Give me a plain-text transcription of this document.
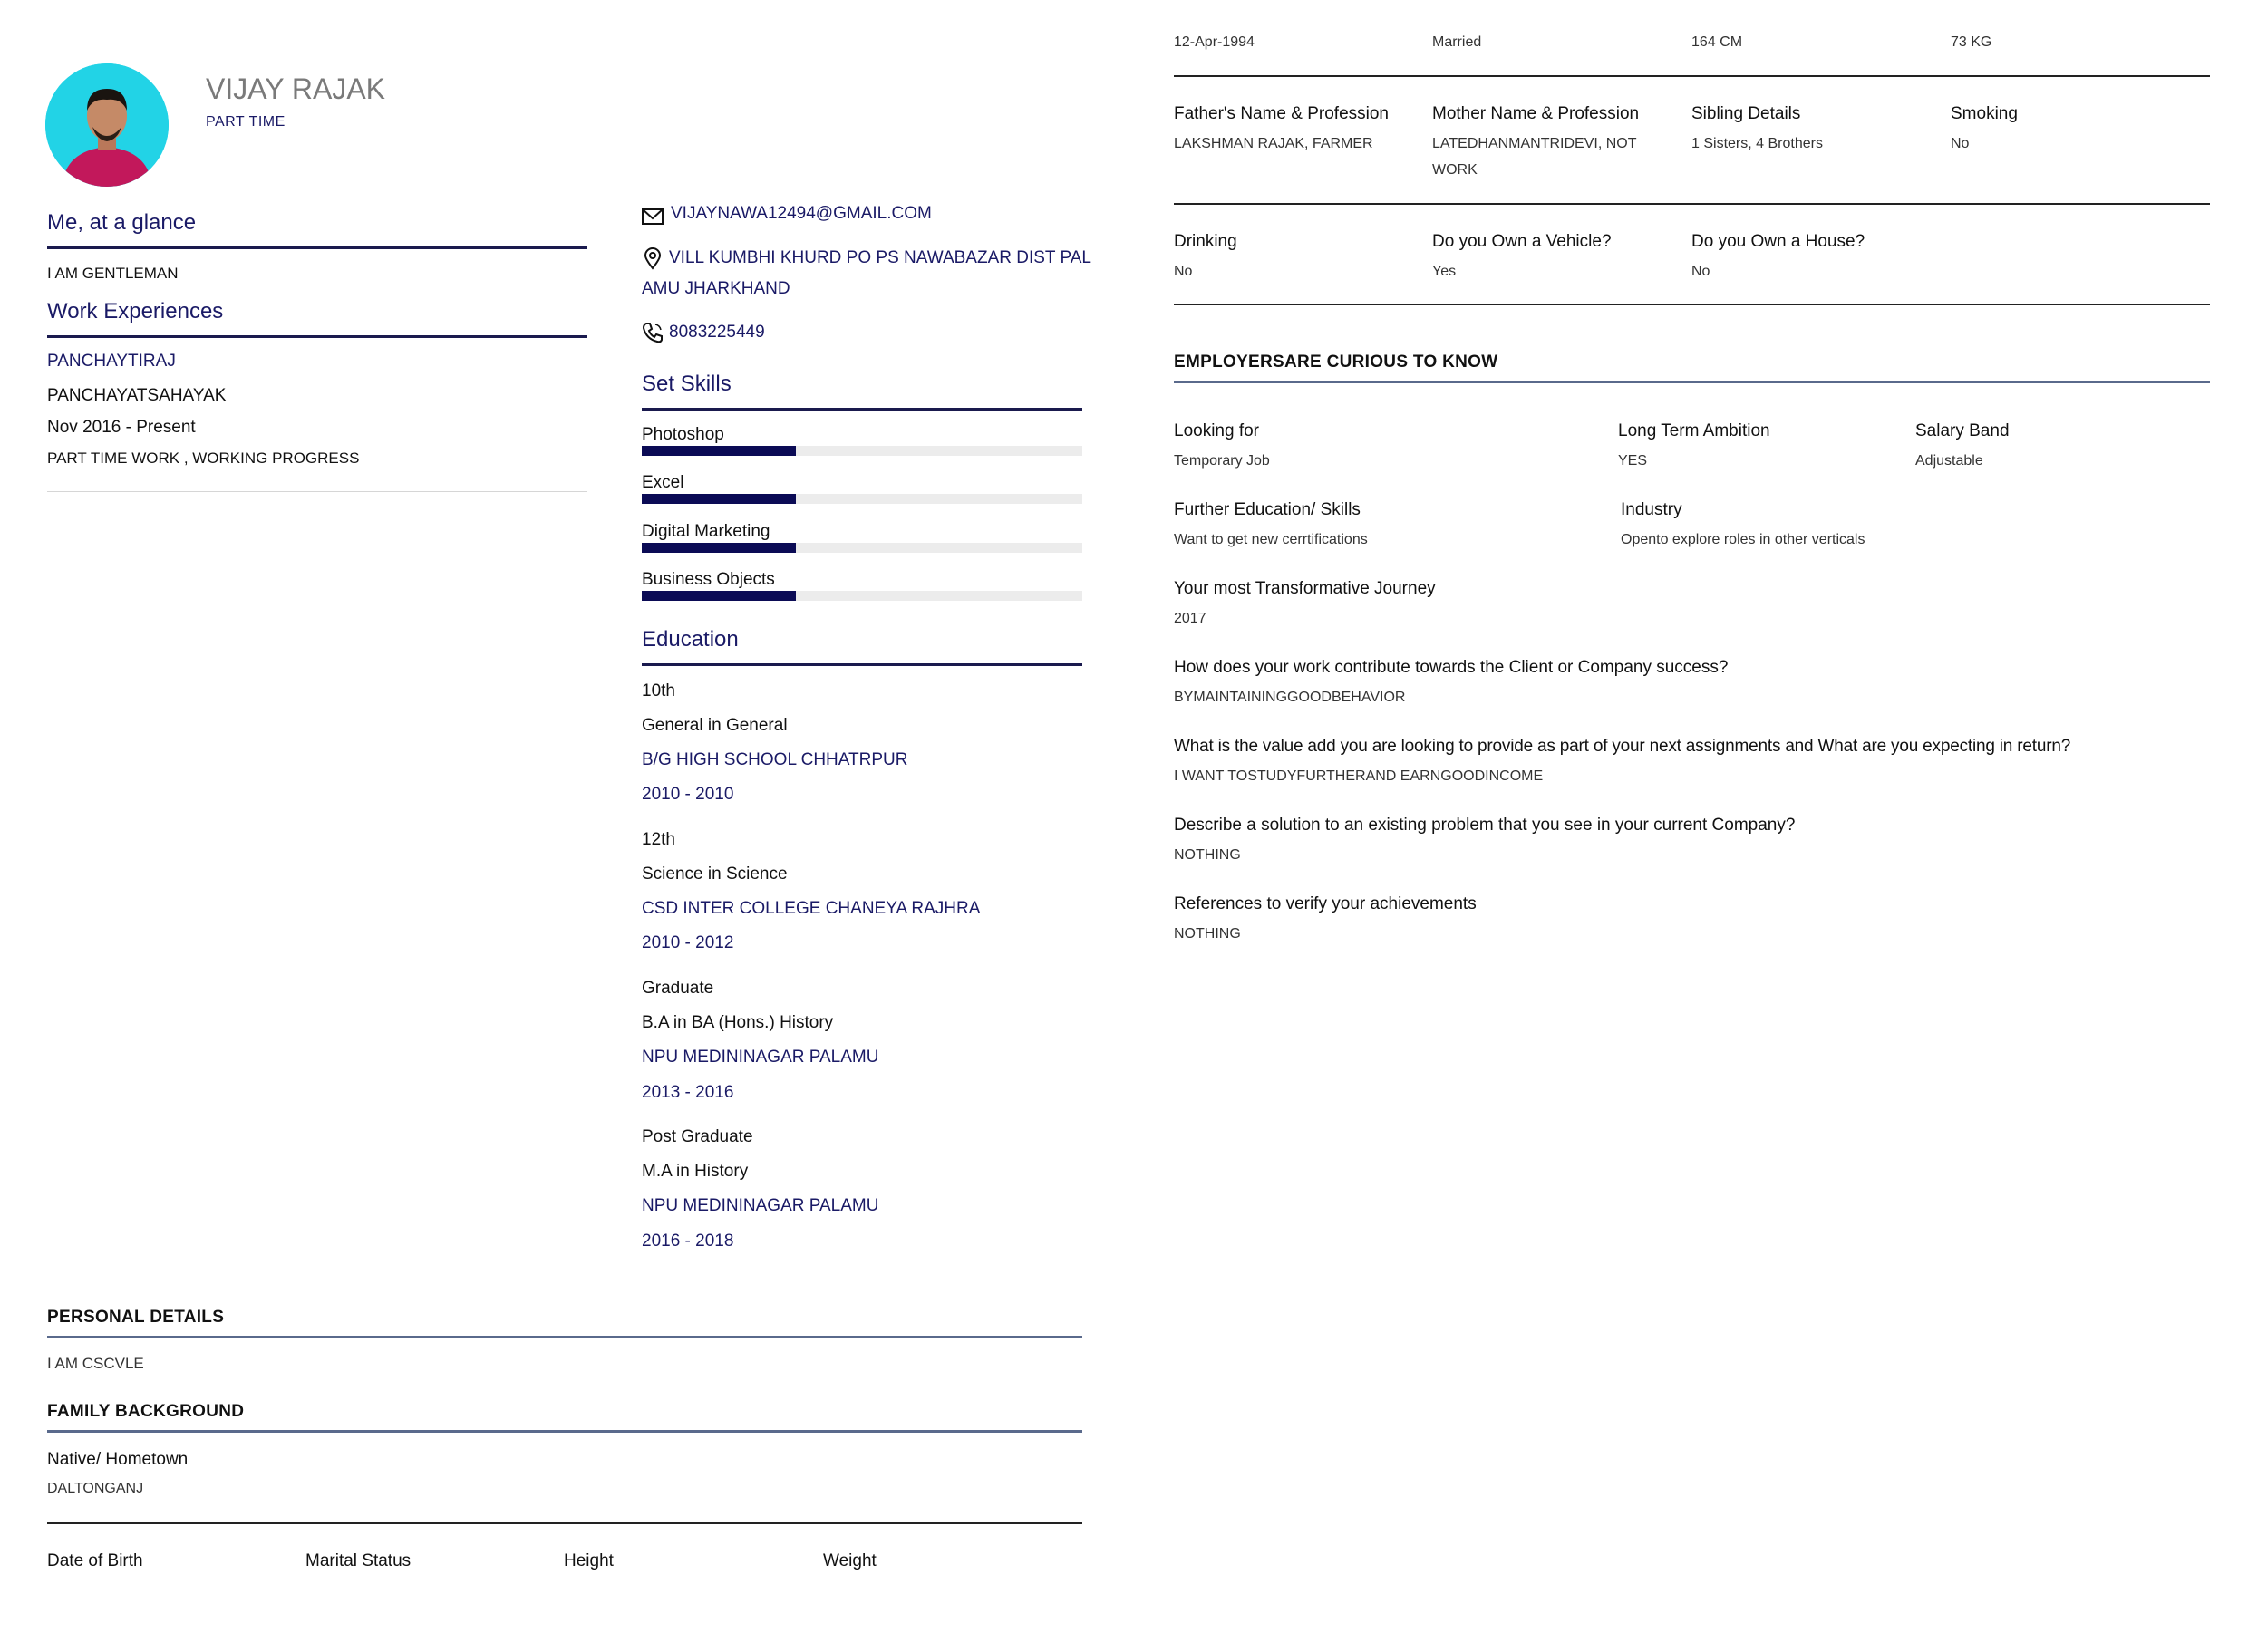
VIJAY RAJAK
PART TIME
Me, at a glance
I AM GENTLEMAN
Work Experiences
PANCHAYTIRAJ
PANCHAYATSAHAYAK
Nov 2016 - Present
PART TIME WORK , WORKING PROGRESS
VIJAYNAWA12494@GMAIL.COM
VILL KUMBHI KHURD PO PS NAWABAZAR DIST PAL
AMU JHARKHAND
8083225449
Set Skills
Photoshop
Excel
Digital Marketing
Business Objects
Education
10th
General in General
B/G HIGH SCHOOL CHHATRPUR
2010 - 2010
12th
Science in Science
CSD INTER COLLEGE CHANEYA RAJHRA
2010 - 2012
Graduate
B.A in BA (Hons.) History
NPU MEDININAGAR PALAMU
2013 - 2016
Post Graduate
M.A in History
NPU MEDININAGAR PALAMU
2016 - 2018
PERSONAL DETAILS
I AM CSCVLE
FAMILY BACKGROUND
Native/ Hometown
DALTONGANJ
Date of Birth	Marital Status	Height	Weight
12-Apr-1994	Married	164 CM	73 KG
Father's Name & Profession
LAKSHMAN RAJAK, FARMER
Mother Name & Profession
LATEDHANMANTRIDEVI, NOT
WORK
Sibling Details
1 Sisters, 4 Brothers
Smoking
No
Drinking
No
Do you Own a Vehicle?
Yes
Do you Own a House?
No
EMPLOYERSARE CURIOUS TO KNOW
Looking for
Temporary Job
Long Term Ambition
YES
Salary Band
Adjustable
Further Education/ Skills
Want to get new cerrtifications
Industry
Opento explore roles in other verticals
Your most Transformative Journey
2017
How does your work contribute towards the Client or Company success?
BYMAINTAININGGOODBEHAVIOR
What is the value add you are looking to provide as part of your next assignments and What are you expecting in return?
I WANT TOSTUDYFURTHERAND EARNGOODINCOME
Describe a solution to an existing problem that you see in your current Company?
NOTHING
References to verify your achievements
NOTHING
